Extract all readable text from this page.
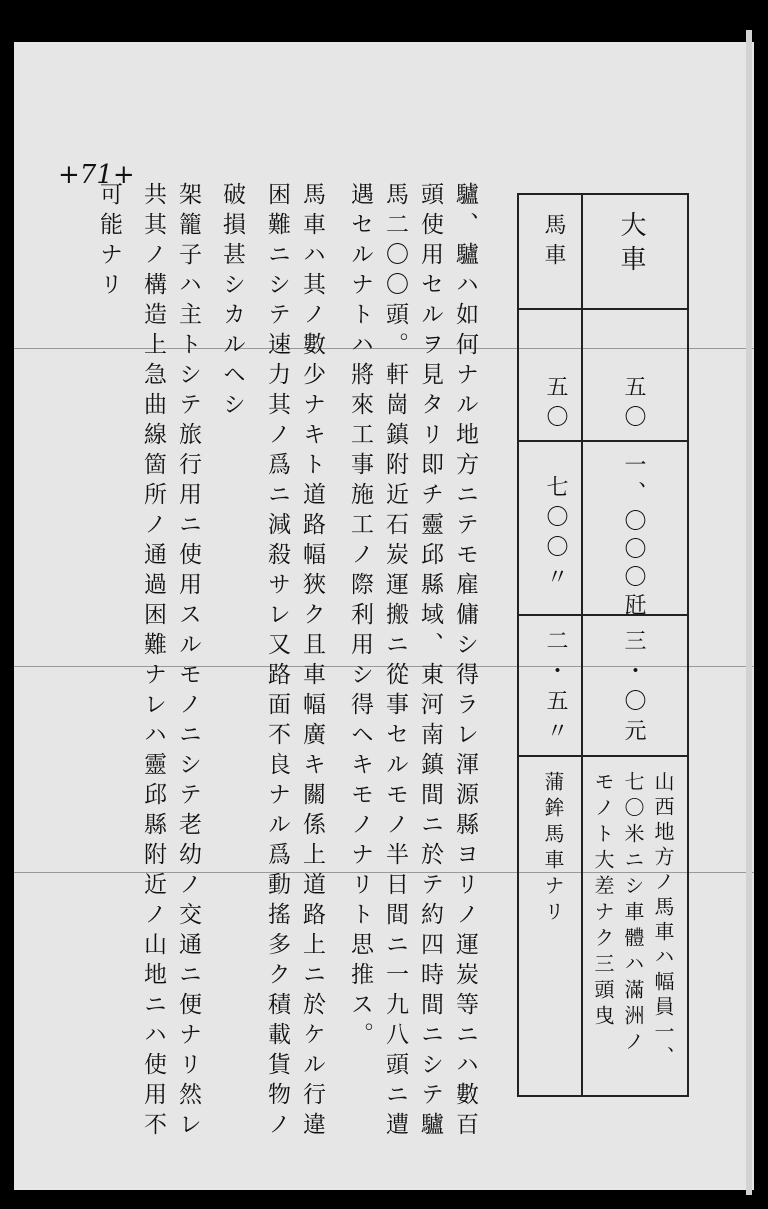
+71+
驢、驢ハ如何ナル地方ニテモ雇傭シ得ラレ渾源縣ヨリノ運炭等ニハ數百
頭使用セルヲ見タリ即チ靈邱縣域、東河南鎮間ニ於テ約四時間ニシテ驢
馬二〇〇頭。軒崗鎮附近石炭運搬ニ從事セルモノ半日間ニ一九八頭ニ遭
遇セルナトハ將來工事施工ノ際利用シ得ヘキモノナリト思推ス。
馬車ハ其ノ數少ナキト道路幅狹ク且車幅廣キ關係上道路上ニ於ケル行違
困難ニシテ速力其ノ爲ニ減殺サレ又路面不良ナル爲動搖多ク積載貨物ノ
破損甚シカルヘシ
架籠子ハ主トシテ旅行用ニ使用スルモノニシテ老幼ノ交通ニ便ナリ然レ
共其ノ構造上急曲線箇所ノ通過困難ナレハ靈邱縣附近ノ山地ニハ使用不
可能ナリ	大車
馬車
五〇
五〇
一、〇〇〇瓩
七〇〇〃
三・〇元
二・五〃
山西地方ノ馬車ハ幅員一、
七〇米ニシ車體ハ滿洲ノ
モノト大差ナク三頭曳
蒲鉾馬車ナリ
